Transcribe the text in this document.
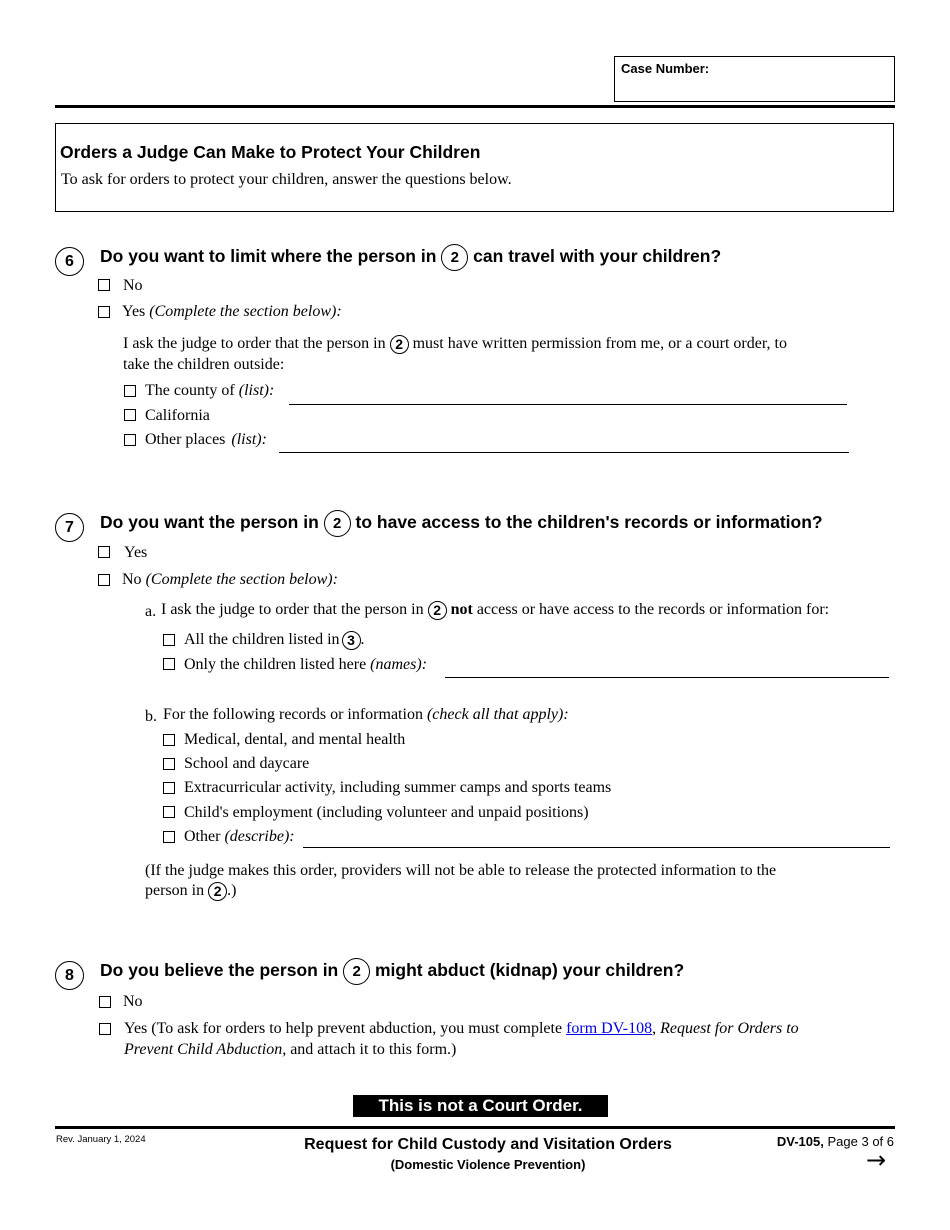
Case Number:
Orders a Judge Can Make to Protect Your Children
To ask for orders to protect your children, answer the questions below.
6	Do you want to limit where the person in 2 can travel with your children?
No
Yes (Complete the section below):
I ask the judge to order that the person in 2 must have written permission from me, or a court order, to
take the children outside:
The county of (list):
California
Other places (list):
7	Do you want the person in 2 to have access to the children's records or information?
Yes
No (Complete the section below):
a. I ask the judge to order that the person in 2 not access or have access to the records or information for:
All the children listed in 3 .
Only the children listed here (names):
b. For the following records or information (check all that apply):
Medical, dental, and mental health
School and daycare
Extracurricular activity, including summer camps and sports teams
Child's employment (including volunteer and unpaid positions)
Other (describe):
(If the judge makes this order, providers will not be able to release the protected information to the
person in 2 .)
8	Do you believe the person in 2 might abduct (kidnap) your children?
No
Yes (To ask for orders to help prevent abduction, you must complete form DV-108, Request for Orders to
Prevent Child Abduction, and attach it to this form.)
This is not a Court Order.
Rev. January 1, 2024	Request for Child Custody and Visitation Orders
(Domestic Violence Prevention)
DV-105, Page 3 of 6
→
